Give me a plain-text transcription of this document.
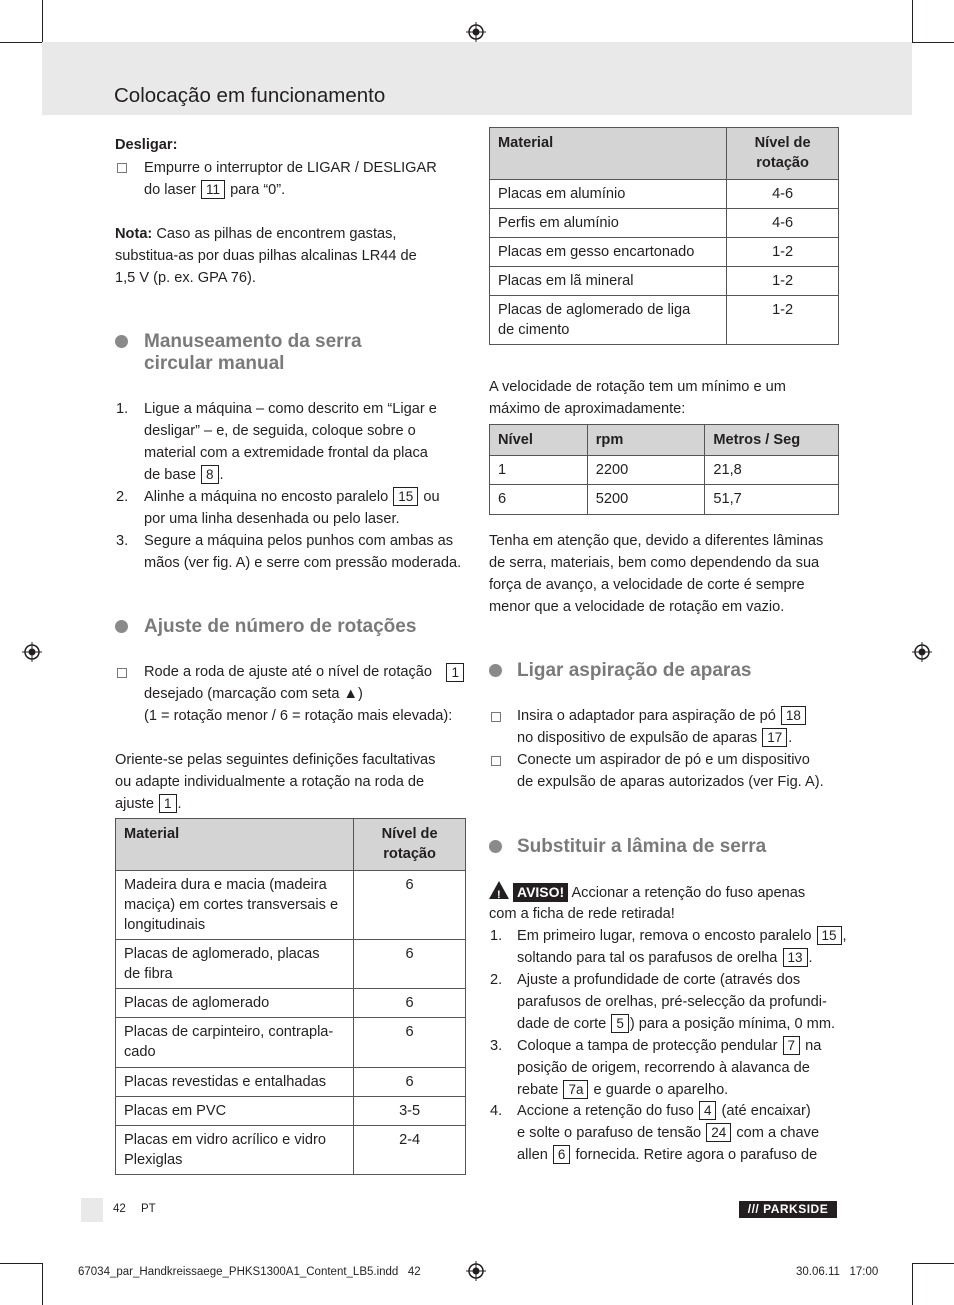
Colocação em funcionamento
Desligar:
Empurre o interruptor de LIGAR / DESLIGAR
do laser 11 para “0”.
Nota: Caso as pilhas de encontrem gastas,
substitua-as por duas pilhas alcalinas LR44 de
1,5 V (p. ex. GPA 76).
Manuseamento da serra
circular manual
1. Ligue a máquina – como descrito em “Ligar e
desligar” – e, de seguida, coloque sobre o
material com a extremidade frontal da placa
de base 8 .
2. Alinhe a máquina no encosto paralelo 15 ou
por uma linha desenhada ou pelo laser.
3. Segure a máquina pelos punhos com ambas as
mãos (ver fig. A) e serre com pressão moderada.
Ajuste de número de rotações
Rode a roda de ajuste até o nível de rotação	1
desejado (marcação com seta ▲)
(1 = rotação menor / 6 = rotação mais elevada):
Oriente-se pelas seguintes definições facultativas
ou adapte individualmente a rotação na roda de
ajuste 1 .
Material	Nível de
rotação

Madeira dura e macia (madeira
maciça) em cortes transversais e
longitudinais	6

Placas de aglomerado, placas
de fibra	6
Placas de aglomerado	6

Placas de carpinteiro, contrapla-
cado	6
Placas revestidas e entalhadas	6
Placas em PVC	3-5

Placas em vidro acrílico e vidro
Plexiglas	2-4
Material	Nível de
rotação

Placas em alumínio	4-6
Perfis em alumínio	4-6
Placas em gesso encartonado	1-2
Placas em lã mineral	1-2

Placas de aglomerado de liga
de cimento	1-2
A velocidade de rotação tem um mínimo e um
máximo de aproximadamente:
Nível	rpm	Metros / Seg
1	2200	21,8
6	5200	51,7
Tenha em atenção que, devido a diferentes lâminas
de serra, materiais, bem como dependendo da sua
força de avanço, a velocidade de corte é sempre
menor que a velocidade de rotação em vazio.
Ligar aspiração de aparas
Insira o adaptador para aspiração de pó 18
no dispositivo de expulsão de aparas 17 .
Conecte um aspirador de pó e um dispositivo
de expulsão de aparas autorizados (ver Fig. A).
Substituir a lâmina de serra
! AVISO! Accionar a retenção do fuso apenas
com a ficha de rede retirada!
1. Em primeiro lugar, remova o encosto paralelo 15 ,
soltando para tal os parafusos de orelha 13 .
2. Ajuste a profundidade de corte (através dos
parafusos de orelhas, pré-selecção da profundi-
dade de corte 5 ) para a posição mínima, 0 mm.
3. Coloque a tampa de protecção pendular 7 na
posição de origem, recorrendo à alavanca de
rebate 7a e guarde o aparelho.
4. Accione a retenção do fuso 4 (até encaixar)
e solte o parafuso de tensão 24 com a chave
allen 6 fornecida. Retire agora o parafuso de
42 PT	/// PARKSIDE
67034_par_Handkreissaege_PHKS1300A1_Content_LB5.indd   42	30.06.11   17:00
